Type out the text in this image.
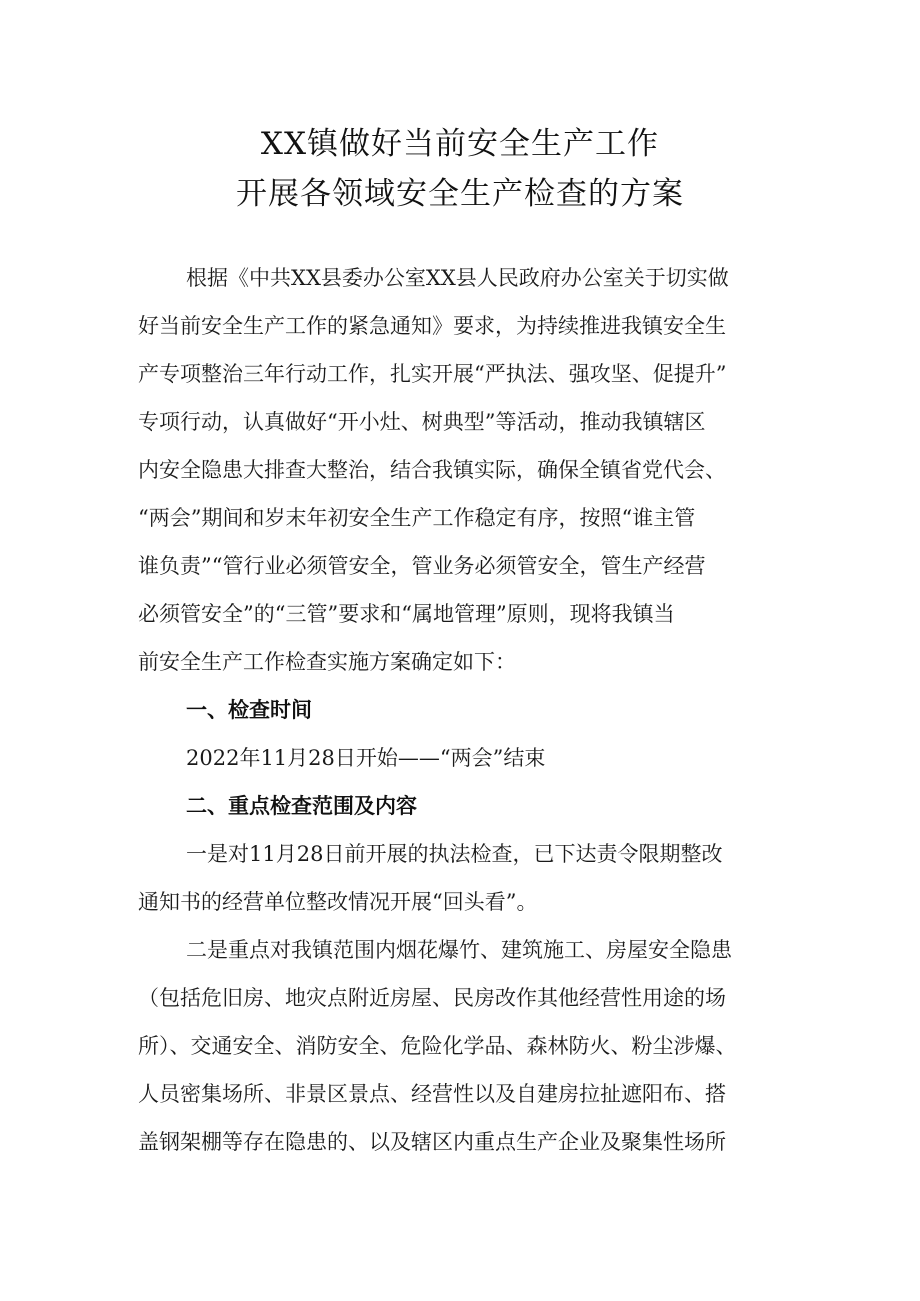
XX镇做好当前安全生产工作
开展各领域安全生产检查的方案
根据《中共XX县委办公室XX县人民政府办公室关于切实做
好当前安全生产工作的紧急通知》要求，为持续推进我镇安全生
产专项整治三年行动工作，扎实开展“严执法、强攻坚、促提升”
专项行动，认真做好“开小灶、树典型”等活动，推动我镇辖区
内安全隐患大排查大整治，结合我镇实际，确保全镇省党代会、
“两会”期间和岁末年初安全生产工作稳定有序，按照“谁主管
谁负责”“管行业必须管安全，管业务必须管安全，管生产经营
必须管安全”的“三管”要求和“属地管理”原则，现将我镇当
前安全生产工作检查实施方案确定如下：
一、检查时间
2022年11月28日开始——“两会”结束
二、重点检查范围及内容
一是对11月28日前开展的执法检查，已下达责令限期整改
通知书的经营单位整改情况开展“回头看”。
二是重点对我镇范围内烟花爆竹、建筑施工、房屋安全隐患
（包括危旧房、地灾点附近房屋、民房改作其他经营性用途的场
所）、交通安全、消防安全、危险化学品、森林防火、粉尘涉爆、
人员密集场所、非景区景点、经营性以及自建房拉扯遮阳布、搭
盖钢架棚等存在隐患的、以及辖区内重点生产企业及聚集性场所
